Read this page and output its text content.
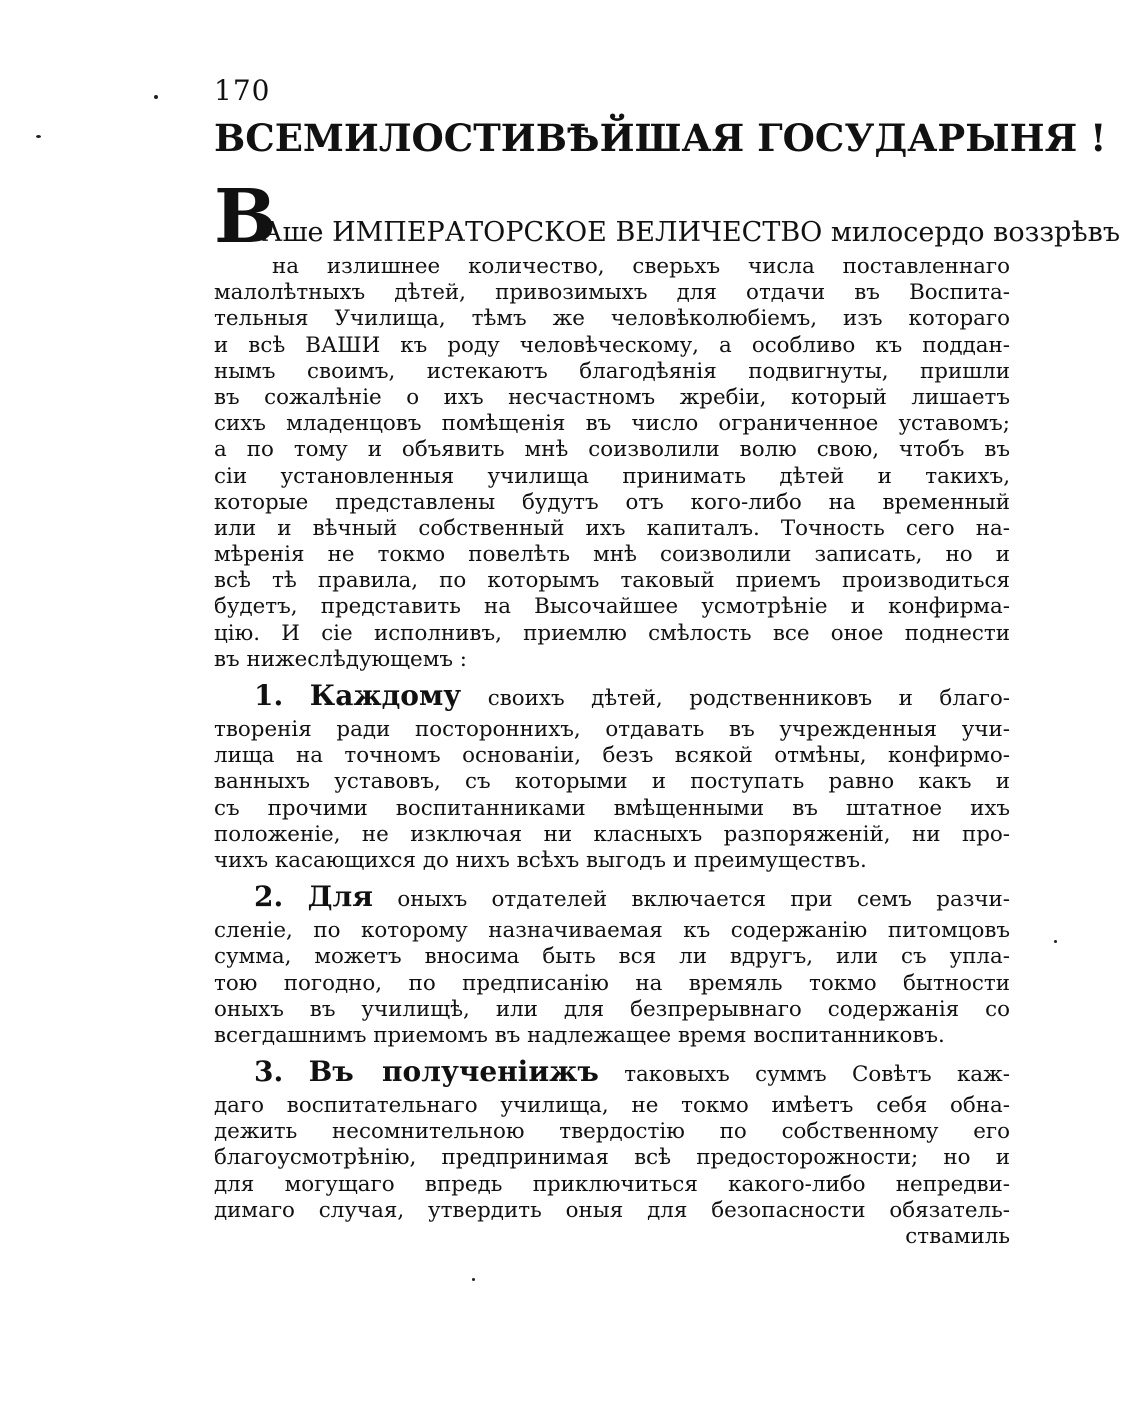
170
ВСЕМИЛОСТИВѢЙШАЯ ГОСУДАРЫНЯ !
В
Аше ИМПЕРАТОРСКОЕ ВЕЛИЧЕСТВО милосердо воззрѣвъ
на излишнее количество, сверьхъ числа поставленнаго
малолѣтныхъ дѣтей, привозимыхъ для отдачи въ Воспита-
тельныя Училища, тѣмъ же человѣколюбіемъ, изъ котораго
и всѣ ВАШИ къ роду человѣческому, а особливо къ поддан-
нымъ своимъ, истекаютъ благодѣянія подвигнуты, пришли
въ сожалѣніе о ихъ несчастномъ жребіи, который лишаетъ
сихъ младенцовъ помѣщенія въ число ограниченное уставомъ;
а по тому и объявить мнѣ соизволили волю свою, чтобъ въ
сіи установленныя училища принимать дѣтей и такихъ,
которые представлены будутъ отъ кого-либо на временный
или и вѣчный собственный ихъ капиталъ. Точность сего на-
мѣренія не токмо повелѣть мнѣ соизволили записать, но и
всѣ тѣ правила, по которымъ таковый приемъ производиться
будетъ, представить на Высочайшее усмотрѣніе и конфирма-
цію. И сіе исполнивъ, приемлю смѣлость все оное поднести
въ нижеслѣдующемъ :
1. Каждому своихъ дѣтей, родственниковъ и благо-
творенія ради постороннихъ, отдавать въ учрежденныя учи-
лища на точномъ основаніи, безъ всякой отмѣны, конфирмо-
ванныхъ уставовъ, съ которыми и поступать равно какъ и
съ прочими воспитанниками вмѣщенными въ штатное ихъ
положеніе, не изключая ни класныхъ разпоряженій, ни про-
чихъ касающихся до нихъ всѣхъ выгодъ и преимуществъ.
2. Для оныхъ отдателей включается при семъ разчи-
сленіе, по которому назначиваемая къ содержанію питомцовъ
сумма, можетъ вносима быть вся ли вдругъ, или съ упла-
тою погодно, по предписанію на времяль токмо бытности
оныхъ въ училищѣ, или для безпрерывнаго содержанія со
всегдашнимъ приемомъ въ надлежащее время воспитанниковъ.
3. Въ полученіижъ таковыхъ суммъ Совѣтъ каж-
даго воспитательнаго училища, не токмо имѣетъ себя обна-
дежить несомнительною твердостію по собственному его
благоусмотрѣнію, предпринимая всѣ предосторожности; но и
для могущаго впредь приключиться какого-либо непредви-
димаго случая, утвердить оныя для безопасности обязатель-
ствамиль
